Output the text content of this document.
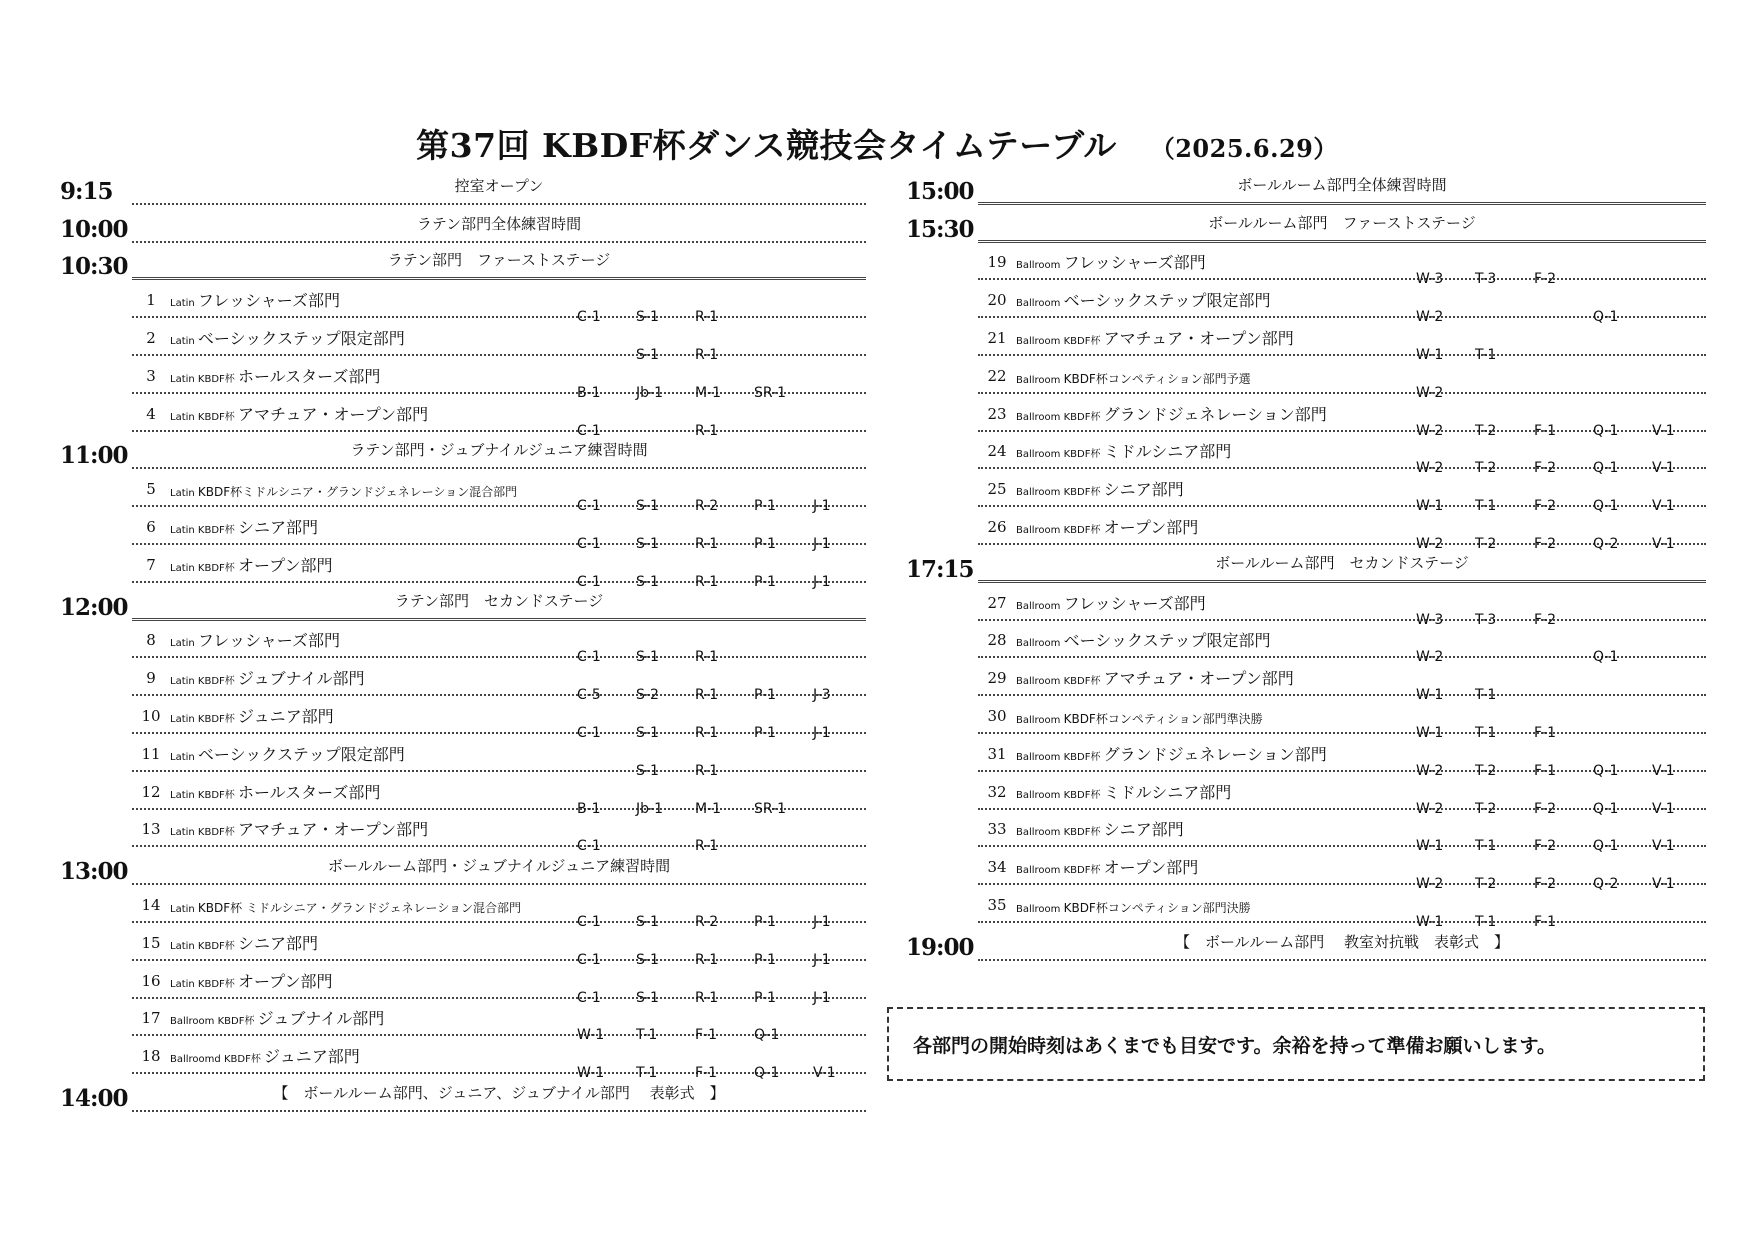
第37回 KBDF杯ダンス競技会タイムテーブル （2025.6.29）
9:15	控室オープン
10:00	ラテン部門全体練習時間
10:30	ラテン部門　ファーストステージ
1	Latin フレッシャーズ部門
C-1	S-1	R-1
2	Latin ベーシックステップ限定部門
S-1	R-1
3	Latin KBDF杯 ホールスターズ部門
B-1	Jb-1 M-1 SR-1
4	Latin KBDF杯 アマチュア・オープン部門
C-1	R-1
11:00	ラテン部門・ジュブナイルジュニア練習時間
5	Latin KBDF杯ミドルシニア・グランドジェネレーション混合部門
C-1	S-1	R-2	P-1	J-1
6	Latin KBDF杯 シニア部門
C-1	S-1	R-1	P-1	J-1
7	Latin KBDF杯 オープン部門
C-1	S-1	R-1	P-1	J-1
12:00	ラテン部門　セカンドステージ
8	Latin フレッシャーズ部門
C-1	S-1	R-1
9	Latin KBDF杯 ジュブナイル部門
C-5	S-2	R-1	P-1	J-3
10 Latin KBDF杯 ジュニア部門
C-1	S-1	R-1	P-1	J-1
11 Latin ベーシックステップ限定部門
S-1	R-1
12 Latin KBDF杯 ホールスターズ部門
B-1	Jb-1 M-1 SR-1
13 Latin KBDF杯 アマチュア・オープン部門
C-1	R-1
13:00	ボールルーム部門・ジュブナイルジュニア練習時間
14 Latin KBDF杯 ミドルシニア・グランドジェネレーション混合部門
C-1	S-1	R-2	P-1	J-1
15 Latin KBDF杯 シニア部門
C-1	S-1	R-1	P-1	J-1
16 Latin KBDF杯 オープン部門
C-1	S-1	R-1	P-1	J-1
17 Ballroom KBDF杯 ジュブナイル部門
W-1 T-1	F-1	Q-1
18 Ballroomd KBDF杯 ジュニア部門
W-1 T-1	F-1	Q-1 V-1
14:00	【　ボールルーム部門、ジュニア、ジュブナイル部門　 表彰式　】
15:00	ボールルーム部門全体練習時間
15:30	ボールルーム部門　ファーストステージ
19 Ballroom フレッシャーズ部門
W-3 T-3	F-2
20 Ballroom ベーシックステップ限定部門
W-2	Q-1
21 Ballroom KBDF杯 アマチュア・オープン部門
W-1 T-1
22 Ballroom KBDF杯コンペティション部門予選
W-2
23 Ballroom KBDF杯 グランドジェネレーション部門
W-2 T-2	F-1	Q-1 V-1
24 Ballroom KBDF杯 ミドルシニア部門
W-2 T-2	F-2	Q-1 V-1
25 Ballroom KBDF杯 シニア部門
W-1 T-1	F-2	Q-1 V-1
26 Ballroom KBDF杯 オープン部門
W-2 T-2	F-2	Q-2 V-1
17:15	ボールルーム部門　セカンドステージ
27 Ballroom フレッシャーズ部門
W-3 T-3	F-2
28 Ballroom ベーシックステップ限定部門
W-2	Q-1
29 Ballroom KBDF杯 アマチュア・オープン部門
W-1 T-1
30 Ballroom KBDF杯コンペティション部門準決勝
W-1 T-1	F-1
31 Ballroom KBDF杯 グランドジェネレーション部門
W-2 T-2	F-1	Q-1 V-1
32 Ballroom KBDF杯 ミドルシニア部門
W-2 T-2	F-2	Q-1 V-1
33 Ballroom KBDF杯 シニア部門
W-1 T-1	F-2	Q-1 V-1
34 Ballroom KBDF杯 オープン部門
W-2 T-2	F-2	Q-2 V-1
35 Ballroom KBDF杯コンペティション部門決勝
W-1 T-1	F-1
19:00	【　ボールルーム部門　 教室対抗戦　表彰式　】
各部門の開始時刻はあくまでも目安です。余裕を持って準備お願いします。
